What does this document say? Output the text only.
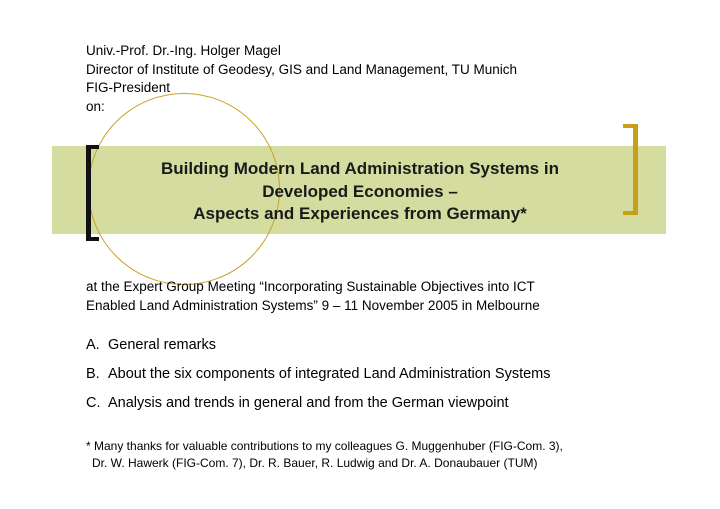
Univ.-Prof. Dr.-Ing. Holger Magel
Director of Institute of Geodesy, GIS and Land Management, TU Munich
FIG-President
on:
Building Modern Land Administration Systems in
Developed Economies –
Aspects and Experiences from Germany*
at the Expert Group Meeting “Incorporating Sustainable Objectives into ICT
Enabled Land Administration Systems” 9 – 11 November 2005 in Melbourne
A. General remarks
B. About the six components of integrated Land Administration Systems
C. Analysis and trends in general and from the German viewpoint
* Many thanks for valuable contributions to my colleagues G. Muggenhuber (FIG-Com. 3),
Dr. W. Hawerk (FIG-Com. 7), Dr. R. Bauer, R. Ludwig and Dr. A. Donaubauer (TUM)
